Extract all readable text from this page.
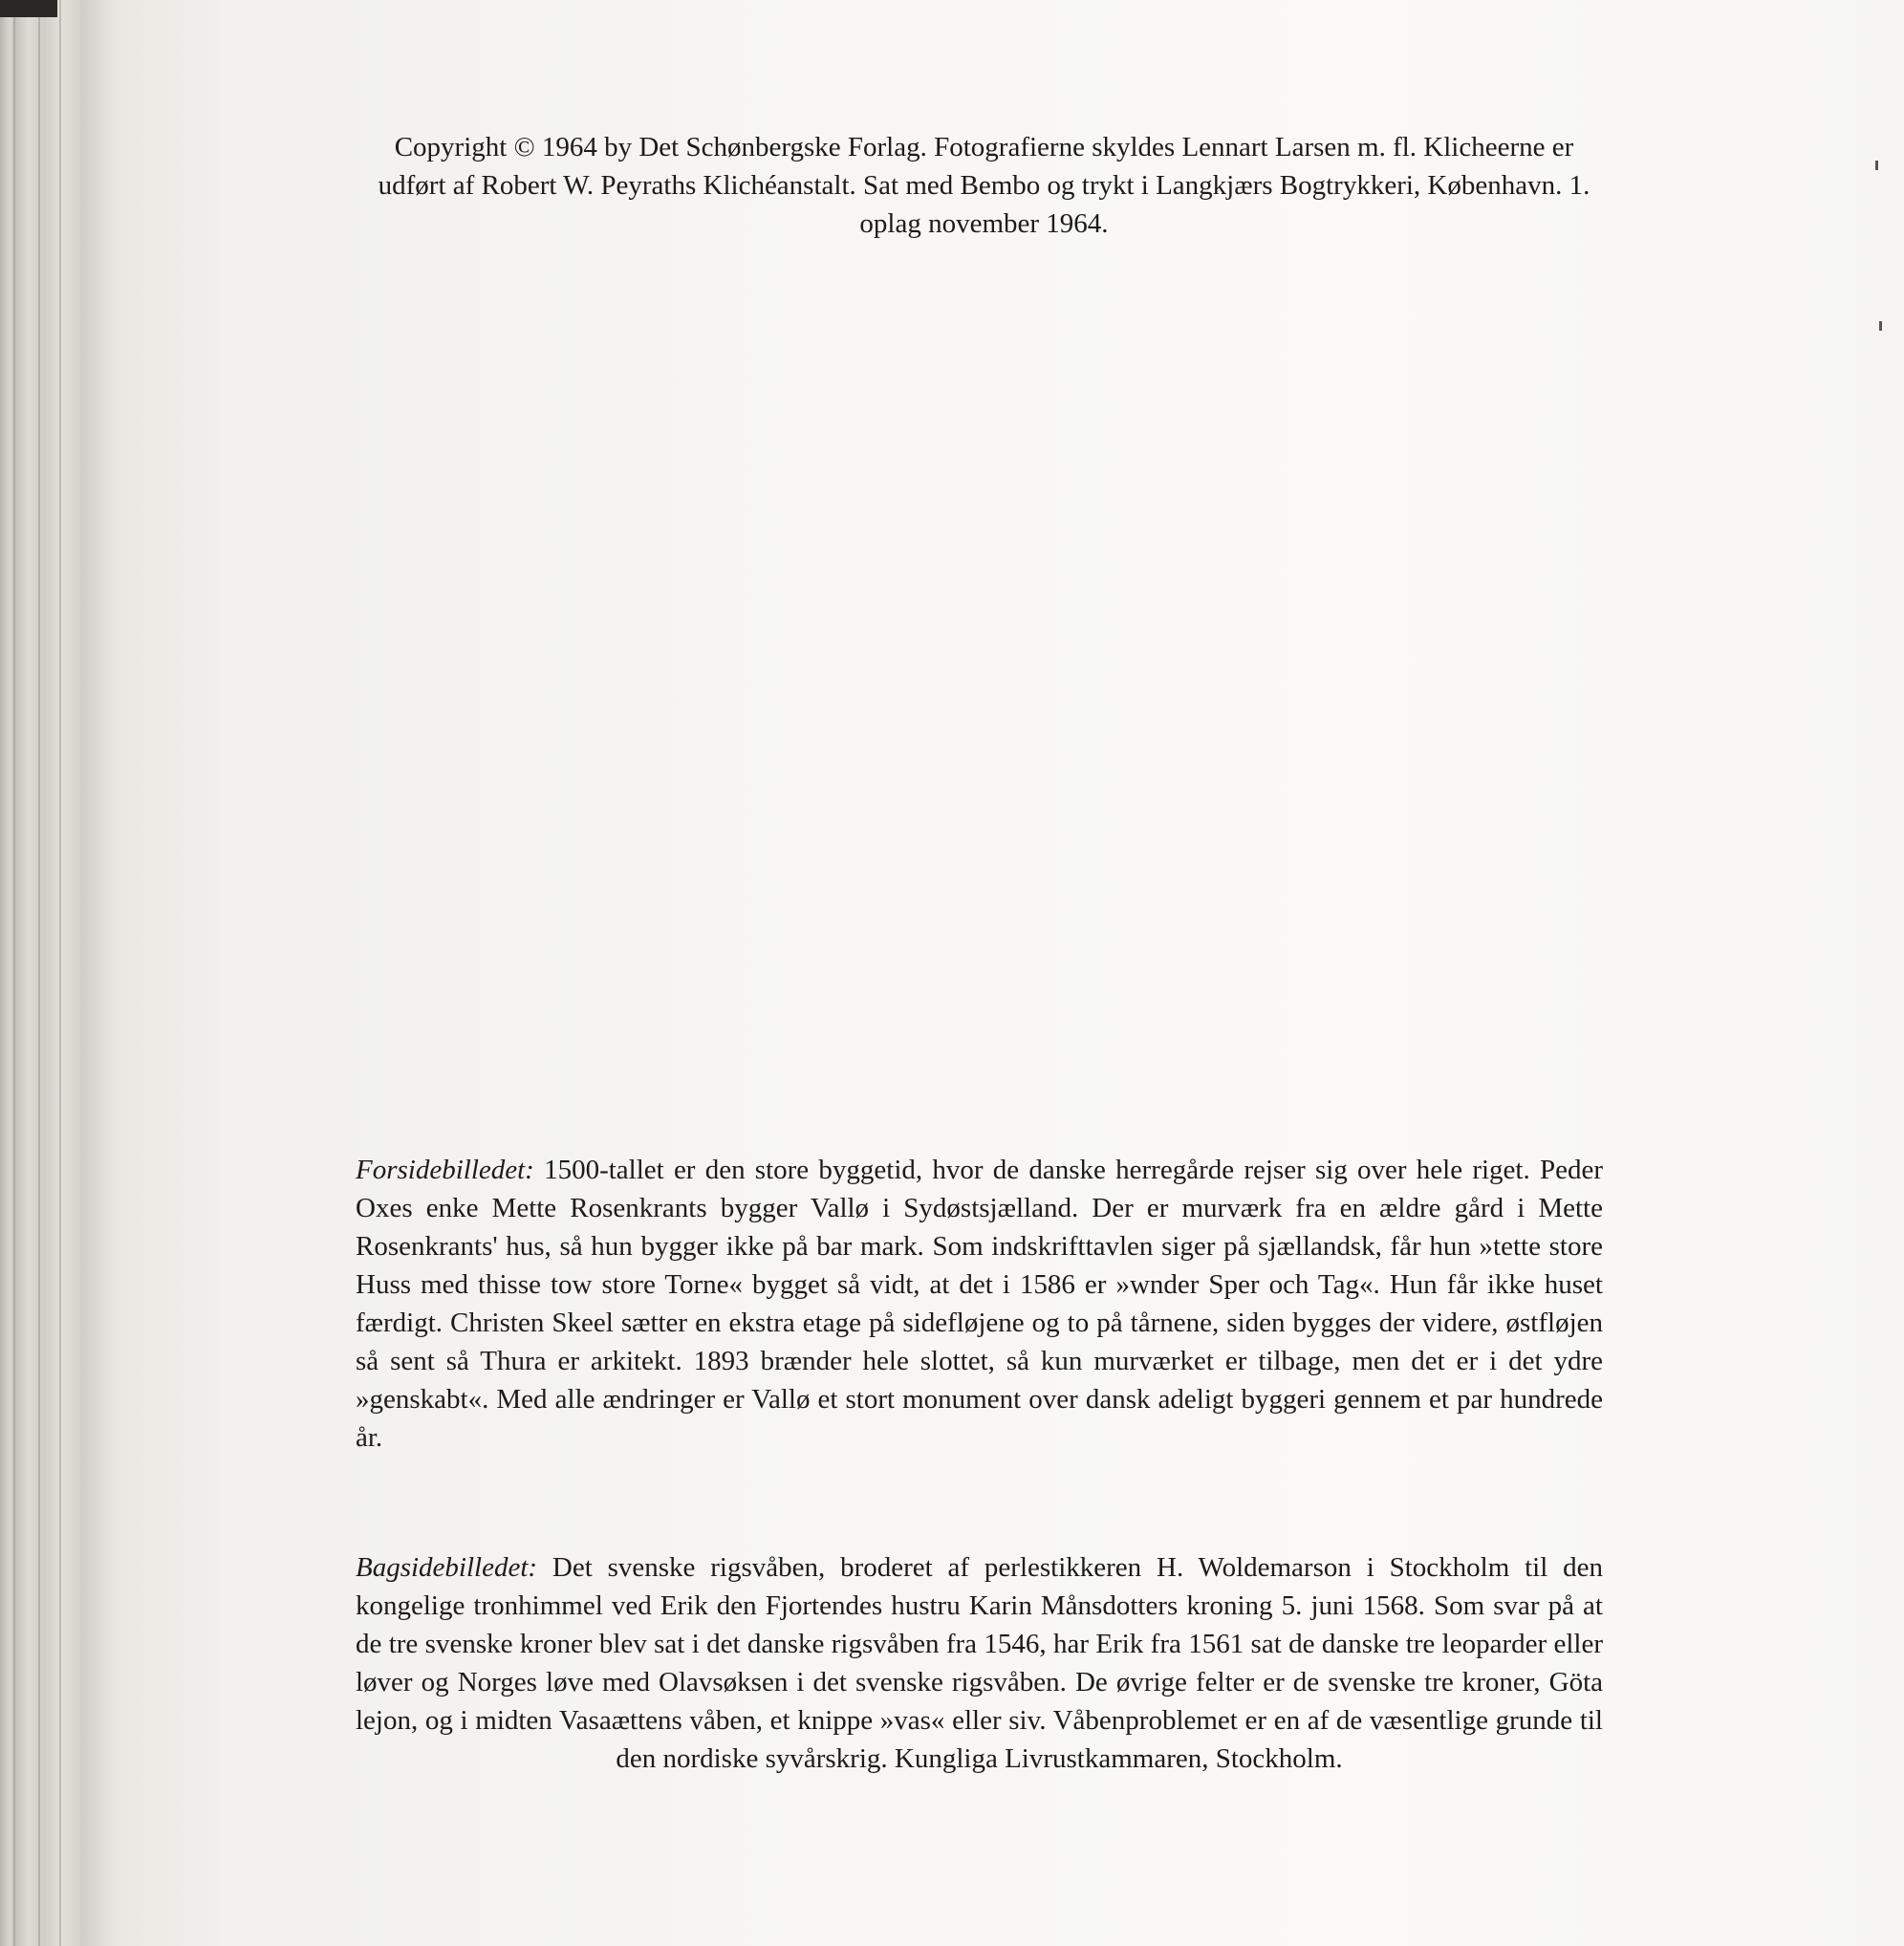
Copyright © 1964 by Det Schønbergske Forlag. Fotografierne skyldes Lennart Larsen m. fl. Klicheerne er udført af Robert W. Peyraths Klichéanstalt. Sat med Bembo og trykt i Langkjærs Bogtrykkeri, København. 1. oplag november 1964.

Forsidebilledet: 1500-tallet er den store byggetid, hvor de danske herregårde rejser sig over hele riget. Peder Oxes enke Mette Rosenkrants bygger Vallø i Sydøstsjælland. Der er murværk fra en ældre gård i Mette Rosenkrants' hus, så hun bygger ikke på bar mark. Som indskrifttavlen siger på sjællandsk, får hun »tette store Huss med thisse tow store Torne« bygget så vidt, at det i 1586 er »wnder Sper och Tag«. Hun får ikke huset færdigt. Christen Skeel sætter en ekstra etage på sidefløjene og to på tårnene, siden bygges der videre, østfløjen så sent så Thura er arkitekt. 1893 brænder hele slottet, så kun murværket er tilbage, men det er i det ydre »genskabt«. Med alle ændringer er Vallø et stort monument over dansk adeligt byggeri gennem et par hundrede år.

Bagsidebilledet: Det svenske rigsvåben, broderet af perlestikkeren H. Woldemarson i Stockholm til den kongelige tronhimmel ved Erik den Fjortendes hustru Karin Månsdotters kroning 5. juni 1568. Som svar på at de tre svenske kroner blev sat i det danske rigsvåben fra 1546, har Erik fra 1561 sat de danske tre leoparder eller løver og Norges løve med Olavsøksen i det svenske rigsvåben. De øvrige felter er de svenske tre kroner, Göta lejon, og i midten Vasaættens våben, et knippe »vas« eller siv. Våbenproblemet er en af de væsentlige grunde til den nordiske syvårskrig. Kungliga Livrustkammaren, Stockholm.
